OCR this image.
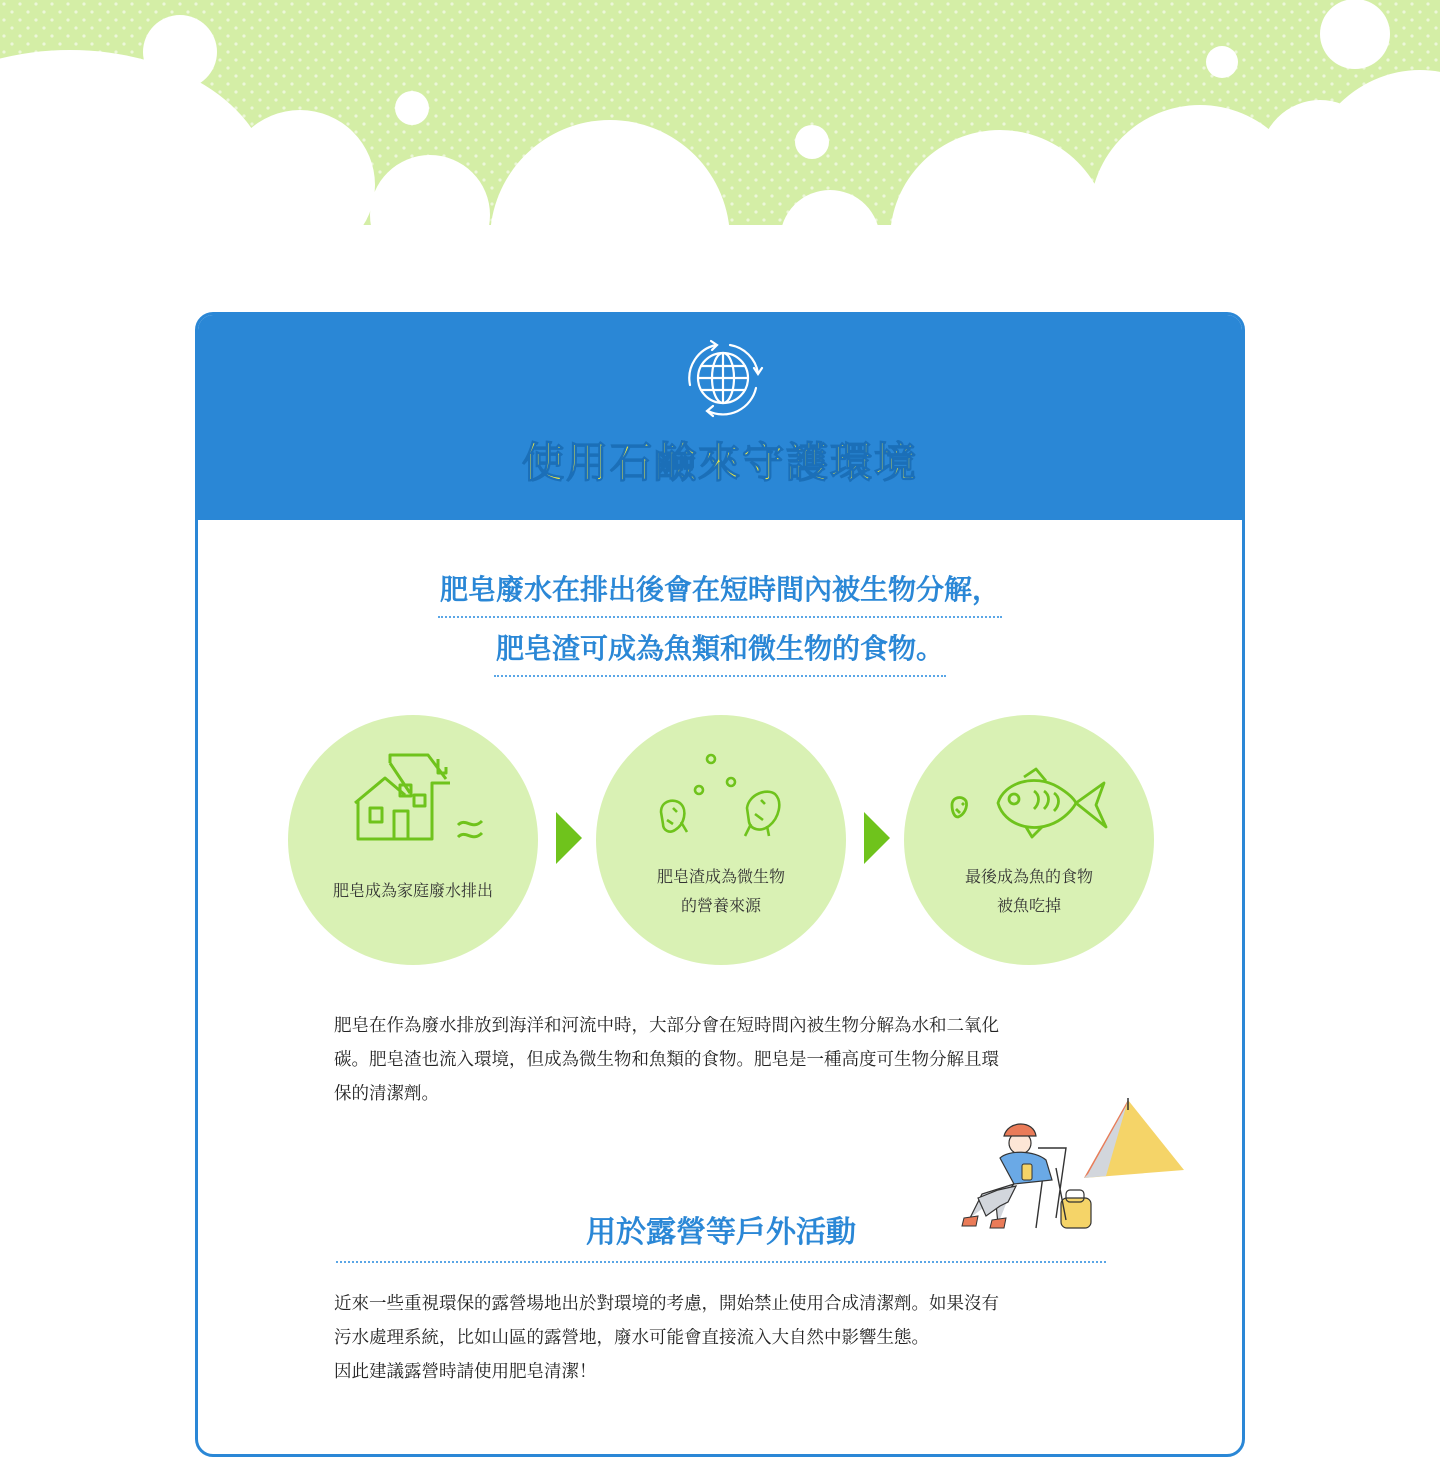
使用石鹼來守護環境
肥皂廢水在排出後會在短時間內被生物分解，
肥皂渣可成為魚類和微生物的食物。
肥皂成為家庭廢水排出
肥皂渣成為微生物
的營養來源
最後成為魚的食物
被魚吃掉
肥皂在作為廢水排放到海洋和河流中時，大部分會在短時間內被生物分解為水和二氧化
碳。肥皂渣也流入環境，但成為微生物和魚類的食物。肥皂是一種高度可生物分解且環
保的清潔劑。
用於露營等戶外活動
近來一些重視環保的露營場地出於對環境的考慮，開始禁止使用合成清潔劑。如果沒有
污水處理系統，比如山區的露營地，廢水可能會直接流入大自然中影響生態。
因此建議露營時請使用肥皂清潔！
